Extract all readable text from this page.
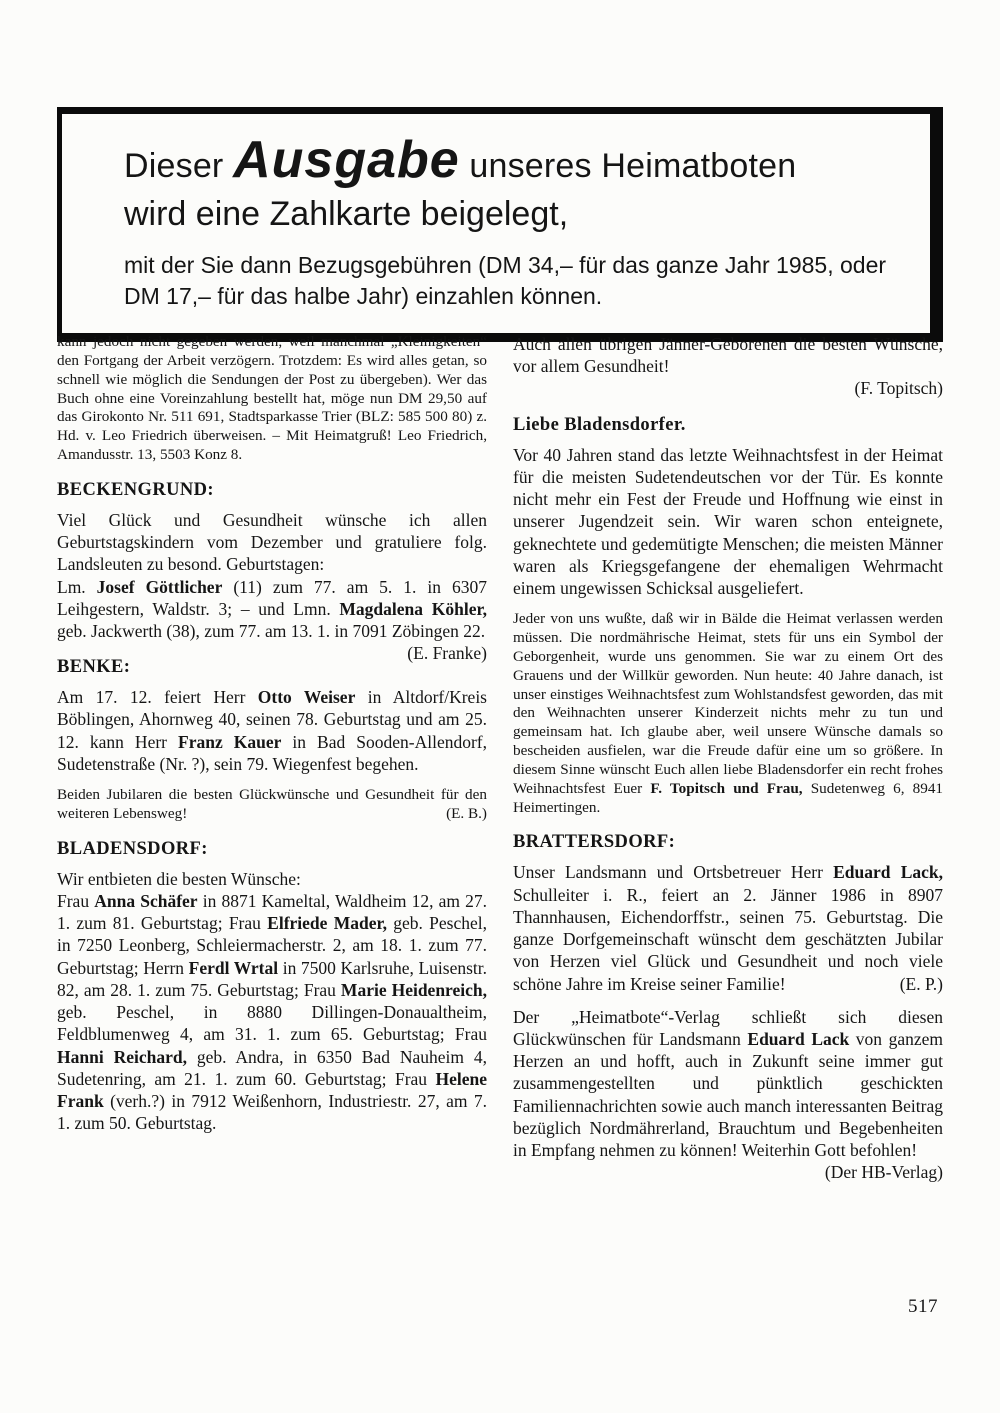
Dieser Ausgabe unseres Heimatboten
wird eine Zahlkarte beigelegt,
mit der Sie dann Bezugsgebühren (DM 34,– für das ganze Jahr 1985, oder DM 17,– für das halbe Jahr) einzahlen können.

kann jedoch nicht gegeben werden, weil manchmal „Kleinigkeiten“ den Fortgang der Arbeit verzögern. Trotzdem: Es wird alles getan, so schnell wie möglich die Sendungen der Post zu übergeben). Wer das Buch ohne eine Voreinzahlung bestellt hat, möge nun DM 29,50 auf das Girokonto Nr. 511 691, Stadtsparkasse Trier (BLZ: 585 500 80) z. Hd. v. Leo Friedrich überweisen. – Mit Heimatgruß! Leo Friedrich, Amandusstr. 13, 5503 Konz 8.

BECKENGRUND:

Viel Glück und Gesundheit wünsche ich allen Geburtstagskindern vom Dezember und gratuliere folg. Landsleuten zu besond. Geburtstagen:
Lm. Josef Göttlicher (11) zum 77. am 5. 1. in 6307 Leihgestern, Waldstr. 3; – und Lmn. Magdalena Köhler, geb. Jackwerth (38), zum 77. am 13. 1. in 7091 Zöbingen 22.
(E. Franke)

BENKE:

Am 17. 12. feiert Herr Otto Weiser in Altdorf/Kreis Böblingen, Ahornweg 40, seinen 78. Geburtstag und am 25. 12. kann Herr Franz Kauer in Bad Sooden-Allendorf, Sudetenstraße (Nr. ?), sein 79. Wiegenfest begehen.

Beiden Jubilaren die besten Glückwünsche und Gesundheit für den weiteren Lebensweg!	(E. B.)

BLADENSDORF:

Wir entbieten die besten Wünsche:
Frau Anna Schäfer in 8871 Kameltal, Waldheim 12, am 27. 1. zum 81. Geburtstag; Frau Elfriede Mader, geb. Peschel, in 7250 Leonberg, Schleiermacherstr. 2, am 18. 1. zum 77. Geburtstag; Herrn Ferdl Wrtal in 7500 Karlsruhe, Luisenstr. 82, am 28. 1. zum 75. Geburtstag; Frau Marie Heidenreich, geb. Peschel, in 8880 Dillingen-Donaualtheim, Feldblumenweg 4, am 31. 1. zum 65. Geburtstag; Frau Hanni Reichard, geb. Andra, in 6350 Bad Nauheim 4, Sudetenring, am 21. 1. zum 60. Geburtstag; Frau Helene Frank (verh.?) in 7912 Weißenhorn, Industriestr. 27, am 7. 1. zum 50. Geburtstag.

Auch allen übrigen Jänner-Geborenen die besten Wünsche, vor allem Gesundheit!
(F. Topitsch)

Liebe Bladensdorfer.

Vor 40 Jahren stand das letzte Weihnachtsfest in der Heimat für die meisten Sudetendeutschen vor der Tür. Es konnte nicht mehr ein Fest der Freude und Hoffnung wie einst in unserer Jugendzeit sein. Wir waren schon enteignete, geknechtete und gedemütigte Menschen; die meisten Männer waren als Kriegsgefangene der ehemaligen Wehrmacht einem ungewissen Schicksal ausgeliefert.

Jeder von uns wußte, daß wir in Bälde die Heimat verlassen werden müssen. Die nordmährische Heimat, stets für uns ein Symbol der Geborgenheit, wurde uns genommen. Sie war zu einem Ort des Grauens und der Willkür geworden. Nun heute: 40 Jahre danach, ist unser einstiges Weihnachtsfest zum Wohlstandsfest geworden, das mit den Weihnachten unserer Kinderzeit nichts mehr zu tun und gemeinsam hat. Ich glaube aber, weil unsere Wünsche damals so bescheiden ausfielen, war die Freude dafür eine um so größere. In diesem Sinne wünscht Euch allen liebe Bladensdorfer ein recht frohes Weihnachtsfest Euer F. Topitsch und Frau, Sudetenweg 6, 8941 Heimertingen.

BRATTERSDORF:

Unser Landsmann und Ortsbetreuer Herr Eduard Lack, Schulleiter i. R., feiert an 2. Jänner 1986 in 8907 Thannhausen, Eichendorffstr., seinen 75. Geburtstag. Die ganze Dorfgemeinschaft wünscht dem geschätzten Jubilar von Herzen viel Glück und Gesundheit und noch viele schöne Jahre im Kreise seiner Familie!	(E. P.)

Der „Heimatbote“-Verlag schließt sich diesen Glückwünschen für Landsmann Eduard Lack von ganzem Herzen an und hofft, auch in Zukunft seine immer gut zusammengestellten und pünktlich geschickten Familiennachrichten sowie auch manch interessanten Beitrag bezüglich Nordmährerland, Brauchtum und Begebenheiten in Empfang nehmen zu können! Weiterhin Gott befohlen!
(Der HB-Verlag)

517
